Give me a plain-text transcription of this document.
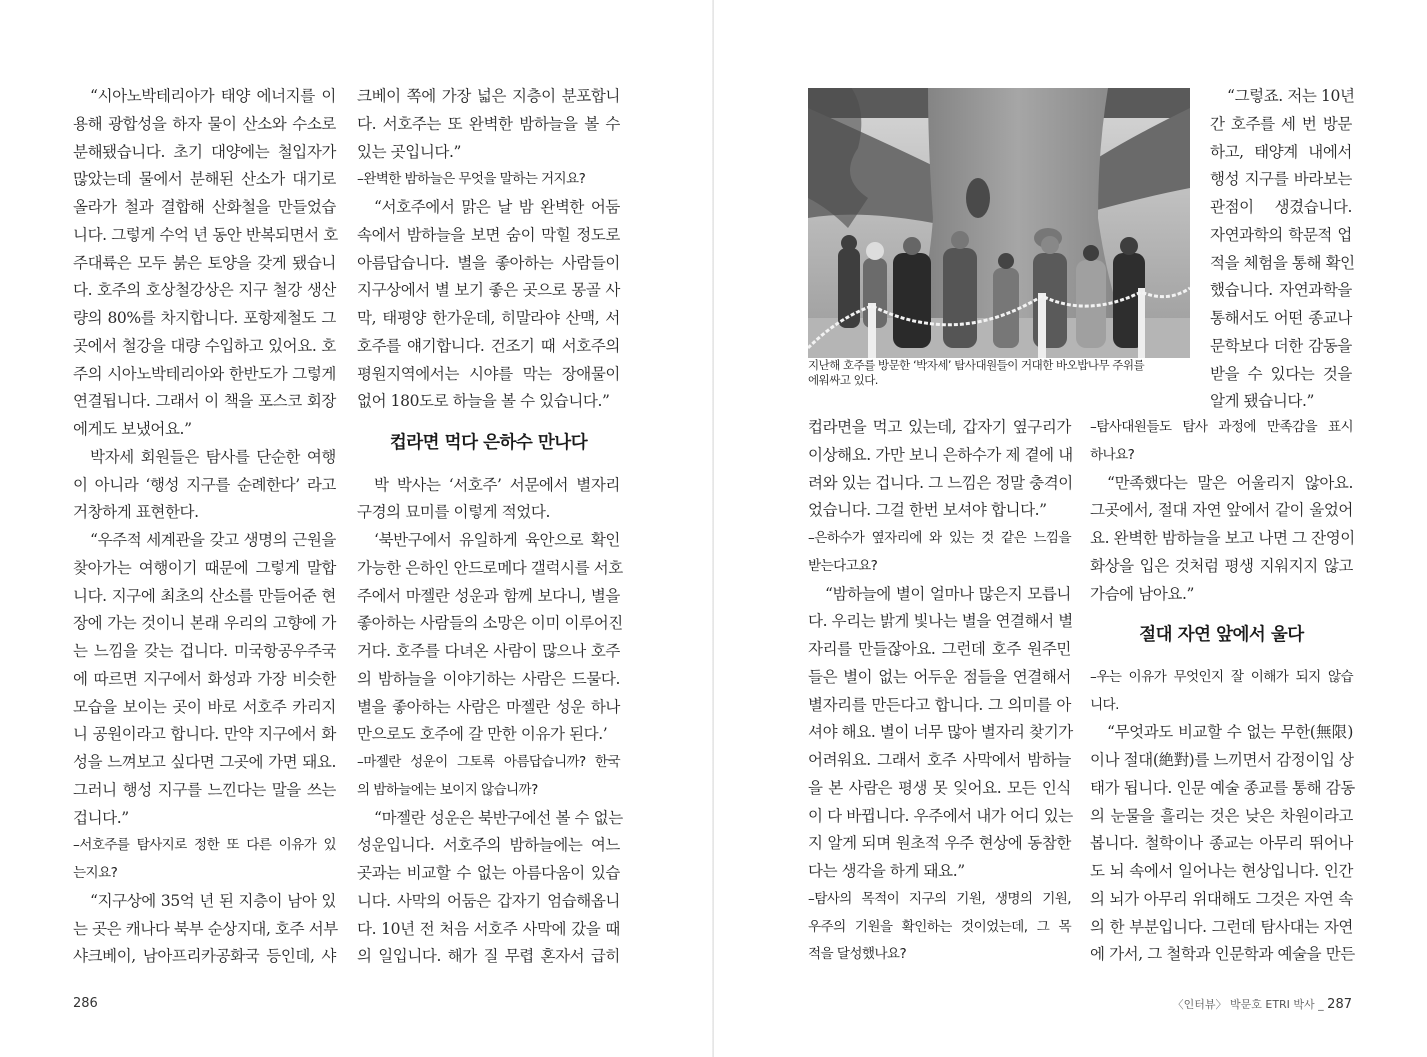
“시아노박테리아가 태양 에너지를 이
용해 광합성을 하자 물이 산소와 수소로
분해됐습니다. 초기 대양에는 철입자가
많았는데 물에서 분해된 산소가 대기로
올라가 철과 결합해 산화철을 만들었습
니다. 그렇게 수억 년 동안 반복되면서 호
주대륙은 모두 붉은 토양을 갖게 됐습니
다. 호주의 호상철강상은 지구 철강 생산
량의 80%를 차지합니다. 포항제철도 그
곳에서 철강을 대량 수입하고 있어요. 호
주의 시아노박테리아와 한반도가 그렇게
연결됩니다. 그래서 이 책을 포스코 회장
에게도 보냈어요.”
박자세 회원들은 탐사를 단순한 여행
이 아니라 ‘행성 지구를 순례한다’ 라고
거창하게 표현한다.
“우주적 세계관을 갖고 생명의 근원을
찾아가는 여행이기 때문에 그렇게 말합
니다. 지구에 최초의 산소를 만들어준 현
장에 가는 것이니 본래 우리의 고향에 가
는 느낌을 갖는 겁니다. 미국항공우주국
에 따르면 지구에서 화성과 가장 비슷한
모습을 보이는 곳이 바로 서호주 카리지
니 공원이라고 합니다. 만약 지구에서 화
성을 느껴보고 싶다면 그곳에 가면 돼요.
그러니 행성 지구를 느낀다는 말을 쓰는
겁니다.”
–서호주를 탐사지로 정한 또 다른 이유가 있
는지요?
“지구상에 35억 년 된 지층이 남아 있
는 곳은 캐나다 북부 순상지대, 호주 서부
샤크베이, 남아프리카공화국 등인데, 샤
크베이 쪽에 가장 넓은 지층이 분포합니
다. 서호주는 또 완벽한 밤하늘을 볼 수
있는 곳입니다.”
–완벽한 밤하늘은 무엇을 말하는 거지요?
“서호주에서 맑은 날 밤 완벽한 어둠
속에서 밤하늘을 보면 숨이 막힐 정도로
아름답습니다. 별을 좋아하는 사람들이
지구상에서 별 보기 좋은 곳으로 몽골 사
막, 태평양 한가운데, 히말라야 산맥, 서
호주를 얘기합니다. 건조기 때 서호주의
평원지역에서는 시야를 막는 장애물이
없어 180도로 하늘을 볼 수 있습니다.”
컵라면 먹다 은하수 만나다
박 박사는 ‘서호주’ 서문에서 별자리
구경의 묘미를 이렇게 적었다.
‘북반구에서 유일하게 육안으로 확인
가능한 은하인 안드로메다 갤럭시를 서호
주에서 마젤란 성운과 함께 보다니, 별을
좋아하는 사람들의 소망은 이미 이루어진
거다. 호주를 다녀온 사람이 많으나 호주
의 밤하늘을 이야기하는 사람은 드물다.
별을 좋아하는 사람은 마젤란 성운 하나
만으로도 호주에 갈 만한 이유가 된다.’
–마젤란 성운이 그토록 아름답습니까? 한국
의 밤하늘에는 보이지 않습니까?
“마젤란 성운은 북반구에선 볼 수 없는
성운입니다. 서호주의 밤하늘에는 여느
곳과는 비교할 수 없는 아름다움이 있습
니다. 사막의 어둠은 갑자기 엄습해옵니
다. 10년 전 처음 서호주 사막에 갔을 때
의 일입니다. 해가 질 무렵 혼자서 급히
286
지난해 호주를 방문한 ‘박자세’ 탐사대원들이 거대한 바오밥나무 주위를
에워싸고 있다.
“그렇죠. 저는 10년
간 호주를 세 번 방문
하고, 태양계 내에서
행성 지구를 바라보는
관점이 생겼습니다.
자연과학의 학문적 업
적을 체험을 통해 확인
했습니다. 자연과학을
통해서도 어떤 종교나
문학보다 더한 감동을
받을 수 있다는 것을
알게 됐습니다.”
컵라면을 먹고 있는데, 갑자기 옆구리가
이상해요. 가만 보니 은하수가 제 곁에 내
려와 있는 겁니다. 그 느낌은 정말 충격이
었습니다. 그걸 한번 보셔야 합니다.”
–은하수가 옆자리에 와 있는 것 같은 느낌을
받는다고요?
“밤하늘에 별이 얼마나 많은지 모릅니
다. 우리는 밝게 빛나는 별을 연결해서 별
자리를 만들잖아요. 그런데 호주 원주민
들은 별이 없는 어두운 점들을 연결해서
별자리를 만든다고 합니다. 그 의미를 아
셔야 해요. 별이 너무 많아 별자리 찾기가
어려워요. 그래서 호주 사막에서 밤하늘
을 본 사람은 평생 못 잊어요. 모든 인식
이 다 바뀝니다. 우주에서 내가 어디 있는
지 알게 되며 원초적 우주 현상에 동참한
다는 생각을 하게 돼요.”
–탐사의 목적이 지구의 기원, 생명의 기원,
우주의 기원을 확인하는 것이었는데, 그 목
적을 달성했나요?
–탐사대원들도 탐사 과정에 만족감을 표시
하나요?
“만족했다는 말은 어울리지 않아요.
그곳에서, 절대 자연 앞에서 같이 울었어
요. 완벽한 밤하늘을 보고 나면 그 잔영이
화상을 입은 것처럼 평생 지워지지 않고
가슴에 남아요.”
절대 자연 앞에서 울다
–우는 이유가 무엇인지 잘 이해가 되지 않습
니다.
“무엇과도 비교할 수 없는 무한(無限)
이나 절대(絶對)를 느끼면서 감정이입 상
태가 됩니다. 인문 예술 종교를 통해 감동
의 눈물을 흘리는 것은 낮은 차원이라고
봅니다. 철학이나 종교는 아무리 뛰어나
도 뇌 속에서 일어나는 현상입니다. 인간
의 뇌가 아무리 위대해도 그것은 자연 속
의 한 부분입니다. 그런데 탐사대는 자연
에 가서, 그 철학과 인문학과 예술을 만든
〈인터뷰〉 박문호 ETRI 박사 _ 287
